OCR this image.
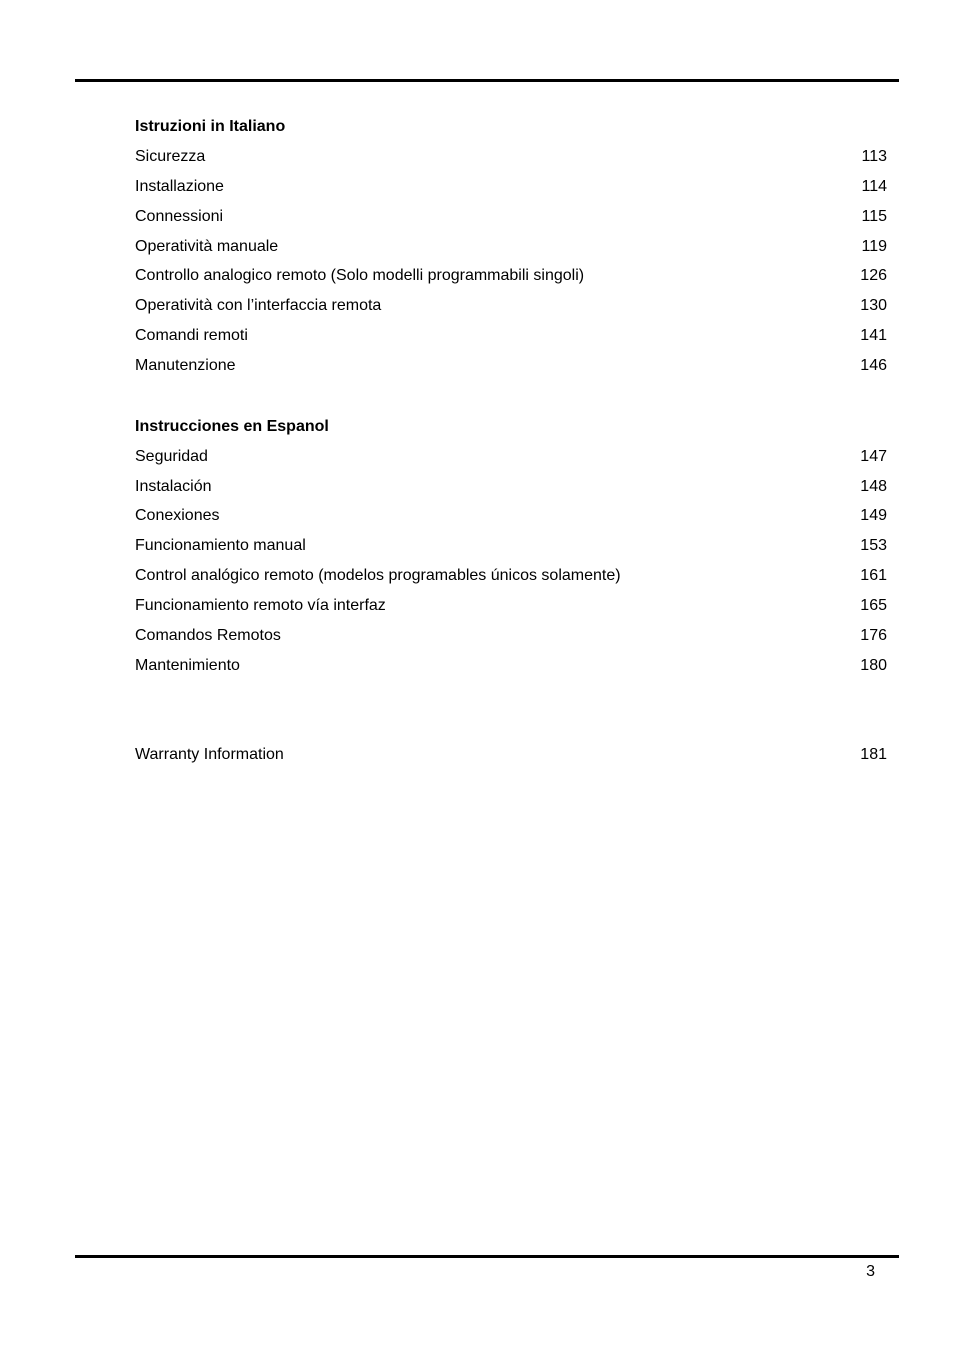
Istruzioni in Italiano
Sicurezza	113
Installazione	114
Connessioni	115
Operatività manuale	119
Controllo analogico remoto (Solo modelli programmabili singoli)	126
Operatività con l’interfaccia remota	130
Comandi remoti	141
Manutenzione	146
Instrucciones en Espanol
Seguridad	147
Instalación	148
Conexiones	149
Funcionamiento manual	153
Control analógico remoto (modelos programables únicos solamente)	161
Funcionamiento remoto vía interfaz	165
Comandos Remotos	176
Mantenimiento	180
Warranty Information	181
3
